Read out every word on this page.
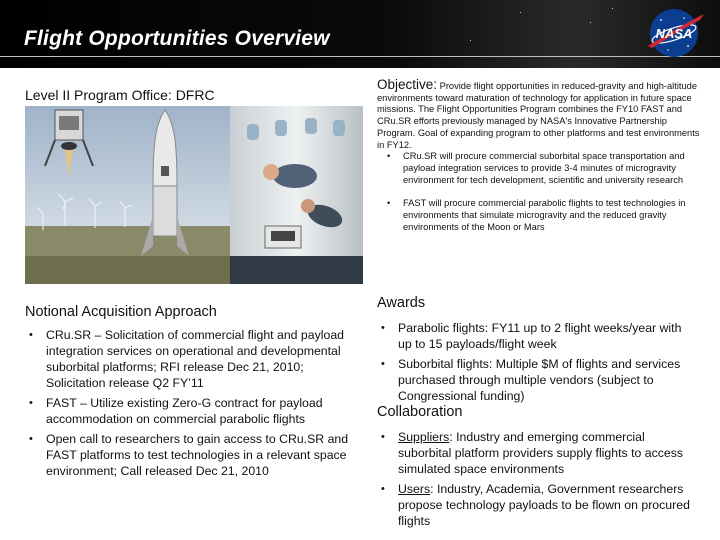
Flight Opportunities Overview	NASA
Level II Program Office: DFRC
Notional Acquisition Approach
• CRu.SR – Solicitation of commercial flight and payload integration services on operational and developmental suborbital platforms; RFI release Dec 21, 2010; Solicitation release Q2 FY’11
• FAST – Utilize existing Zero-G contract for payload accommodation on commercial parabolic flights
• Open call to researchers to gain access to CRu.SR and FAST platforms to test technologies in a relevant space environment; Call released Dec 21, 2010
Objective: Provide flight opportunities in reduced-gravity and high-altitude environments toward maturation of technology for application in future space missions. The Flight Opportunities Program combines the FY10 FAST and CRu.SR efforts previously managed by NASA's Innovative Partnership Program. Goal of expanding program to other platforms and test environments in FY12.
• CRu.SR will procure commercial suborbital space transportation and payload integration services to provide 3-4 minutes of microgravity environment for tech development, scientific and university research
• FAST will procure commercial parabolic flights to test technologies in environments that simulate microgravity and the reduced gravity environments of the Moon or Mars
Awards
• Parabolic flights: FY11 up to 2 flight weeks/year with up to 15 payloads/flight week
• Suborbital flights: Multiple $M of flights and services purchased through multiple vendors (subject to Congressional funding)
Collaboration
• Suppliers: Industry and emerging commercial suborbital platform providers supply flights to access simulated space environments
• Users: Industry, Academia, Government researchers propose technology payloads to be flown on procured flights
